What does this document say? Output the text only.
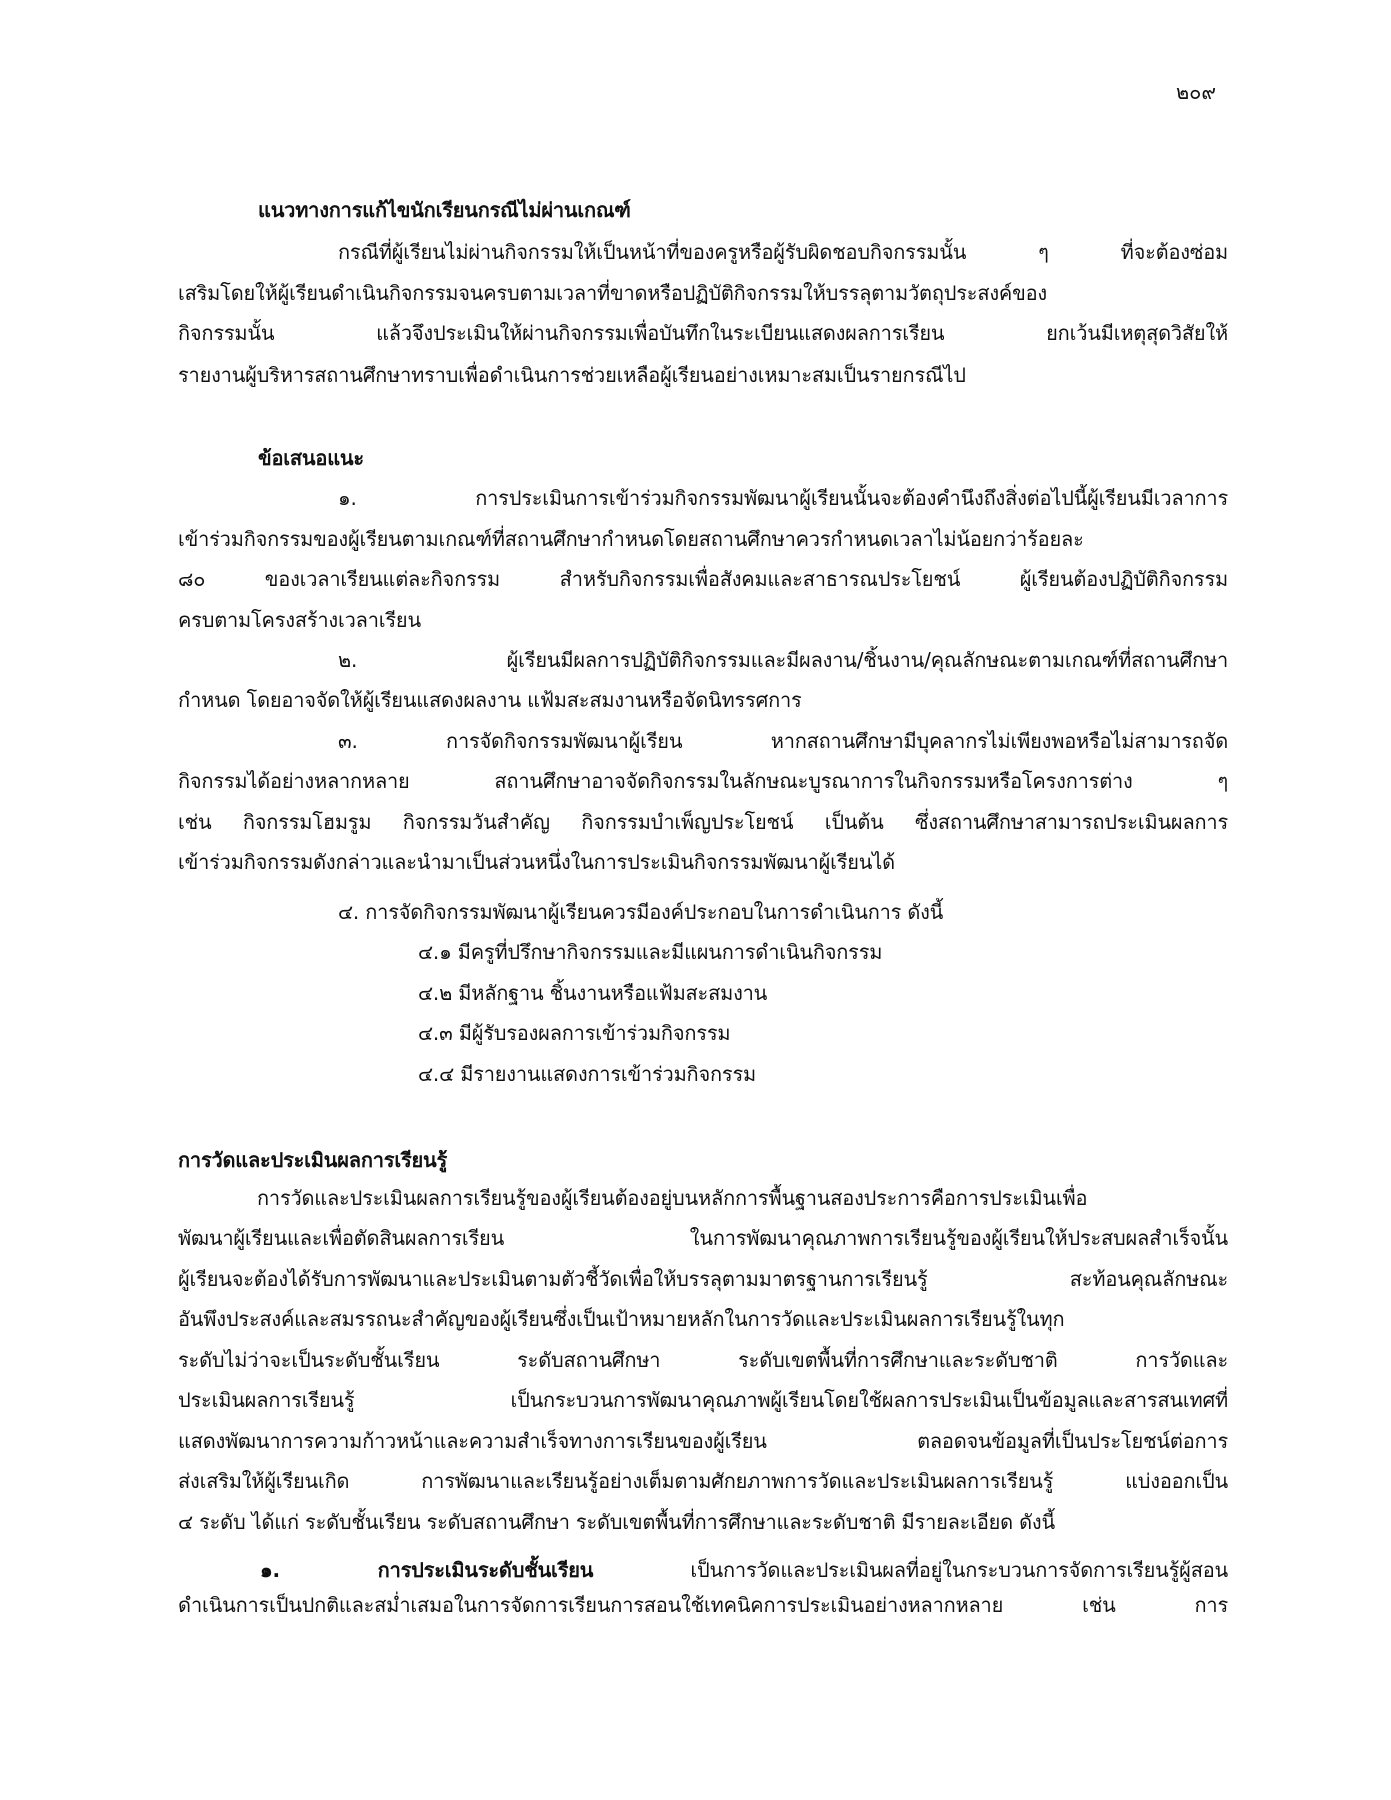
๒๐๙
แนวทางการแก้ไขนักเรียนกรณีไม่ผ่านเกณฑ์
กรณีที่ผู้เรียนไม่ผ่านกิจกรรมให้เป็นหน้าที่ของครูหรือผู้รับผิดชอบกิจกรรมนั้น ๆ ที่จะต้องซ่อม
เสริมโดยให้ผู้เรียนดำเนินกิจกรรมจนครบตามเวลาที่ขาดหรือปฏิบัติกิจกรรมให้บรรลุตามวัตถุประสงค์ของ
กิจกรรมนั้น แล้วจึงประเมินให้ผ่านกิจกรรมเพื่อบันทึกในระเบียนแสดงผลการเรียน ยกเว้นมีเหตุสุดวิสัยให้
รายงานผู้บริหารสถานศึกษาทราบเพื่อดำเนินการช่วยเหลือผู้เรียนอย่างเหมาะสมเป็นรายกรณีไป
ข้อเสนอแนะ
๑. การประเมินการเข้าร่วมกิจกรรมพัฒนาผู้เรียนนั้นจะต้องคำนึงถึงสิ่งต่อไปนี้ผู้เรียนมีเวลาการ
เข้าร่วมกิจกรรมของผู้เรียนตามเกณฑ์ที่สถานศึกษากำหนดโดยสถานศึกษาควรกำหนดเวลาไม่น้อยกว่าร้อยละ
๘๐ ของเวลาเรียนแต่ละกิจกรรม สำหรับกิจกรรมเพื่อสังคมและสาธารณประโยชน์ ผู้เรียนต้องปฏิบัติกิจกรรม
ครบตามโครงสร้างเวลาเรียน
๒. ผู้เรียนมีผลการปฏิบัติกิจกรรมและมีผลงาน/ชิ้นงาน/คุณลักษณะตามเกณฑ์ที่สถานศึกษา
กำหนด โดยอาจจัดให้ผู้เรียนแสดงผลงาน แฟ้มสะสมงานหรือจัดนิทรรศการ
๓. การจัดกิจกรรมพัฒนาผู้เรียน หากสถานศึกษามีบุคลากรไม่เพียงพอหรือไม่สามารถจัด
กิจกรรมได้อย่างหลากหลาย สถานศึกษาอาจจัดกิจกรรมในลักษณะบูรณาการในกิจกรรมหรือโครงการต่าง ๆ
เช่น กิจกรรมโฮมรูม กิจกรรมวันสำคัญ กิจกรรมบำเพ็ญประโยชน์ เป็นต้น ซึ่งสถานศึกษาสามารถประเมินผลการ
เข้าร่วมกิจกรรมดังกล่าวและนำมาเป็นส่วนหนึ่งในการประเมินกิจกรรมพัฒนาผู้เรียนได้
๔. การจัดกิจกรรมพัฒนาผู้เรียนควรมีองค์ประกอบในการดำเนินการ ดังนี้
๔.๑ มีครูที่ปรึกษากิจกรรมและมีแผนการดำเนินกิจกรรม
๔.๒ มีหลักฐาน ชิ้นงานหรือแฟ้มสะสมงาน
๔.๓ มีผู้รับรองผลการเข้าร่วมกิจกรรม
๔.๔ มีรายงานแสดงการเข้าร่วมกิจกรรม
การวัดและประเมินผลการเรียนรู้
การวัดและประเมินผลการเรียนรู้ของผู้เรียนต้องอยู่บนหลักการพื้นฐานสองประการคือการประเมินเพื่อ
พัฒนาผู้เรียนและเพื่อตัดสินผลการเรียน ในการพัฒนาคุณภาพการเรียนรู้ของผู้เรียนให้ประสบผลสำเร็จนั้น
ผู้เรียนจะต้องได้รับการพัฒนาและประเมินตามตัวชี้วัดเพื่อให้บรรลุตามมาตรฐานการเรียนรู้ สะท้อนคุณลักษณะ
อันพึงประสงค์และสมรรถนะสำคัญของผู้เรียนซึ่งเป็นเป้าหมายหลักในการวัดและประเมินผลการเรียนรู้ในทุก
ระดับไม่ว่าจะเป็นระดับชั้นเรียน ระดับสถานศึกษา ระดับเขตพื้นที่การศึกษาและระดับชาติ การวัดและ
ประเมินผลการเรียนรู้ เป็นกระบวนการพัฒนาคุณภาพผู้เรียนโดยใช้ผลการประเมินเป็นข้อมูลและสารสนเทศที่
แสดงพัฒนาการความก้าวหน้าและความสำเร็จทางการเรียนของผู้เรียน ตลอดจนข้อมูลที่เป็นประโยชน์ต่อการ
ส่งเสริมให้ผู้เรียนเกิด การพัฒนาและเรียนรู้อย่างเต็มตามศักยภาพการวัดและประเมินผลการเรียนรู้ แบ่งออกเป็น
๔ ระดับ ได้แก่ ระดับชั้นเรียน ระดับสถานศึกษา ระดับเขตพื้นที่การศึกษาและระดับชาติ มีรายละเอียด ดังนี้
๑. การประเมินระดับชั้นเรียน เป็นการวัดและประเมินผลที่อยู่ในกระบวนการจัดการเรียนรู้ผู้สอน
ดำเนินการเป็นปกติและสม่ำเสมอในการจัดการเรียนการสอนใช้เทคนิคการประเมินอย่างหลากหลาย เช่น การ
